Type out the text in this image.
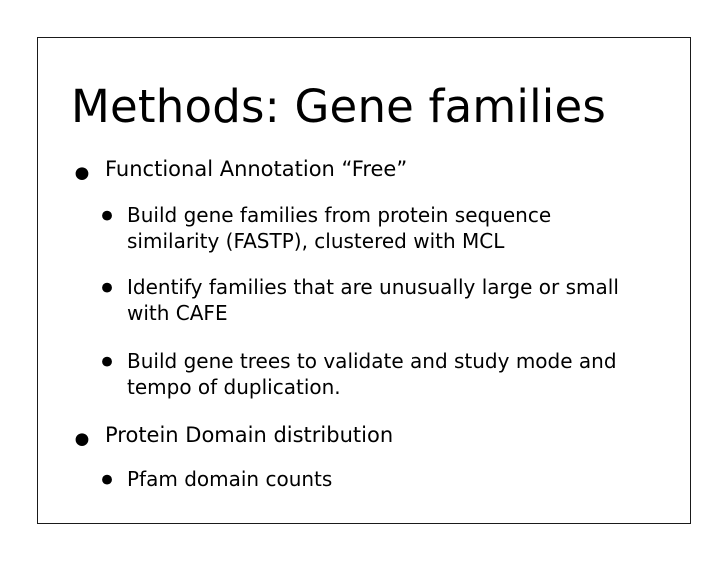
Methods: Gene families
• Functional Annotation “Free”
• Build gene families from protein sequence
similarity (FASTP), clustered with MCL
• Identify families that are unusually large or small
with CAFE
• Build gene trees to validate and study mode and
tempo of duplication.
• Protein Domain distribution
• Pfam domain counts
